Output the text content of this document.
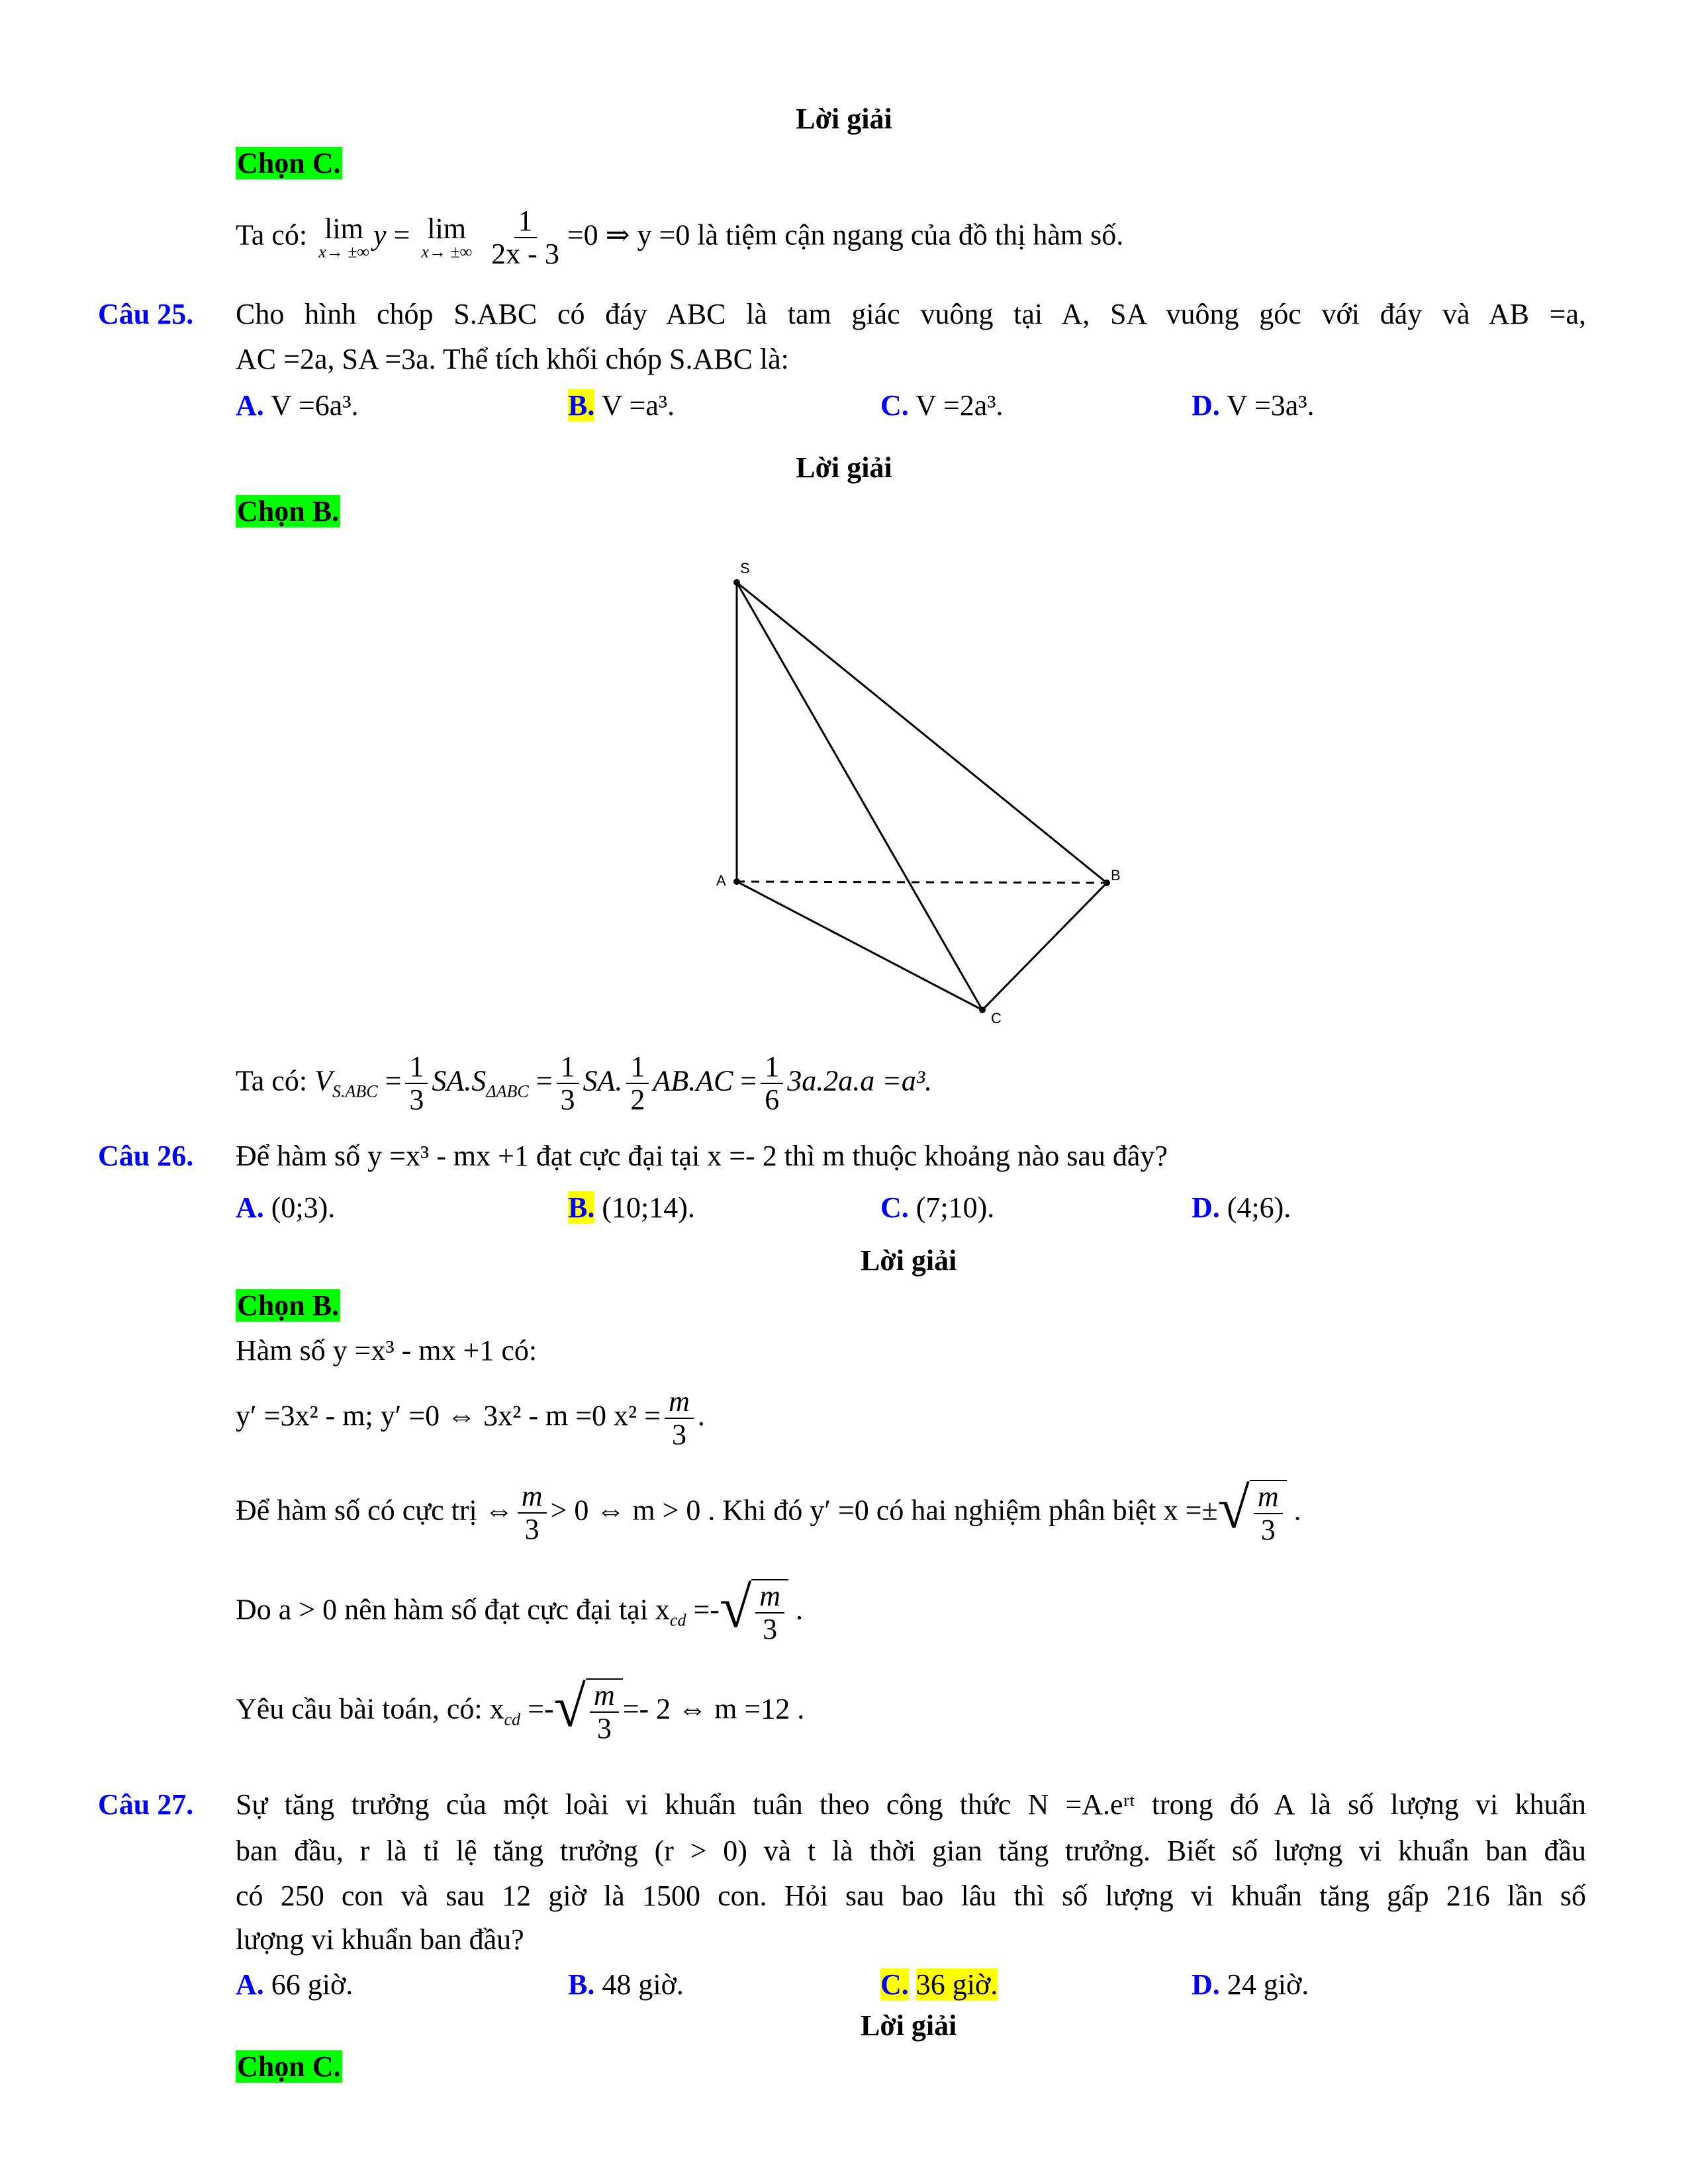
Lời giải
Chọn C.
Ta có: lim
x→ ±∞
y = lim
x→ ±∞
$\frac{1}{2x - 3} =0$ ⇒ y =0 là tiệm cận ngang của đồ thị hàm số.
Câu 25. Cho hình chóp S.ABC có đáy ABC là tam giác vuông tại A, SA vuông góc với đáy và AB =a,
AC =2a, SA =3a. Thể tích khối chóp S.ABC là:
A. V =6a³.	B. V =a³.	C. V =2a³.	D. V =3a³.
Lời giải
Chọn B.
S
A	B
C
Ta có: $V_{S.ABC} = \frac{1}{3} SA.S_{\Delta ABC} = \frac{1}{3}$ SA. $\frac{1}{2} AB.AC = \frac{1}{6} 3a.2a.a =a^3$.
Câu 26. Để hàm số y =x³ - mx +1 đạt cực đại tại x =- 2 thì m thuộc khoảng nào sau đây?
A. (0;3).	B. (10;14).	C. (7;10).	D. (4;6).
Lời giải
Chọn B.
Hàm số y =x³ - mx +1 có:
y′ =3x² - m; y′ =0 ⇔ 3x² - m =0 $x^2 = \frac{m}{3}$ .
Để hàm số có cực trị ⇔ $\frac{m}{3} > 0$ ⇔ m > 0 . Khi đó y′ =0 có hai nghiệm phân biệt x =± √ $\frac{m}{3}$ .
Do a > 0 nên hàm số đạt cực đại tại $x_{cd}$ =- √ $\frac{m}{3}$ .
Yêu cầu bài toán, có: $x_{cd}$ =- √ $\frac{m}{3} =- 2$ ⇔ m =12 .
Câu 27. Sự tăng trưởng của một loài vi khuẩn tuân theo công thức N =A.eʳᵗ trong đó A là số lượng vi khuẩn
ban đầu, r là tỉ lệ tăng trưởng (r > 0) và t là thời gian tăng trưởng. Biết số lượng vi khuẩn ban đầu
có 250 con và sau 12 giờ là 1500 con. Hỏi sau bao lâu thì số lượng vi khuẩn tăng gấp 216 lần số
lượng vi khuẩn ban đầu?
A. 66 giờ.	B. 48 giờ.	C. 36 giờ.	D. 24 giờ.
Lời giải
Chọn C.
